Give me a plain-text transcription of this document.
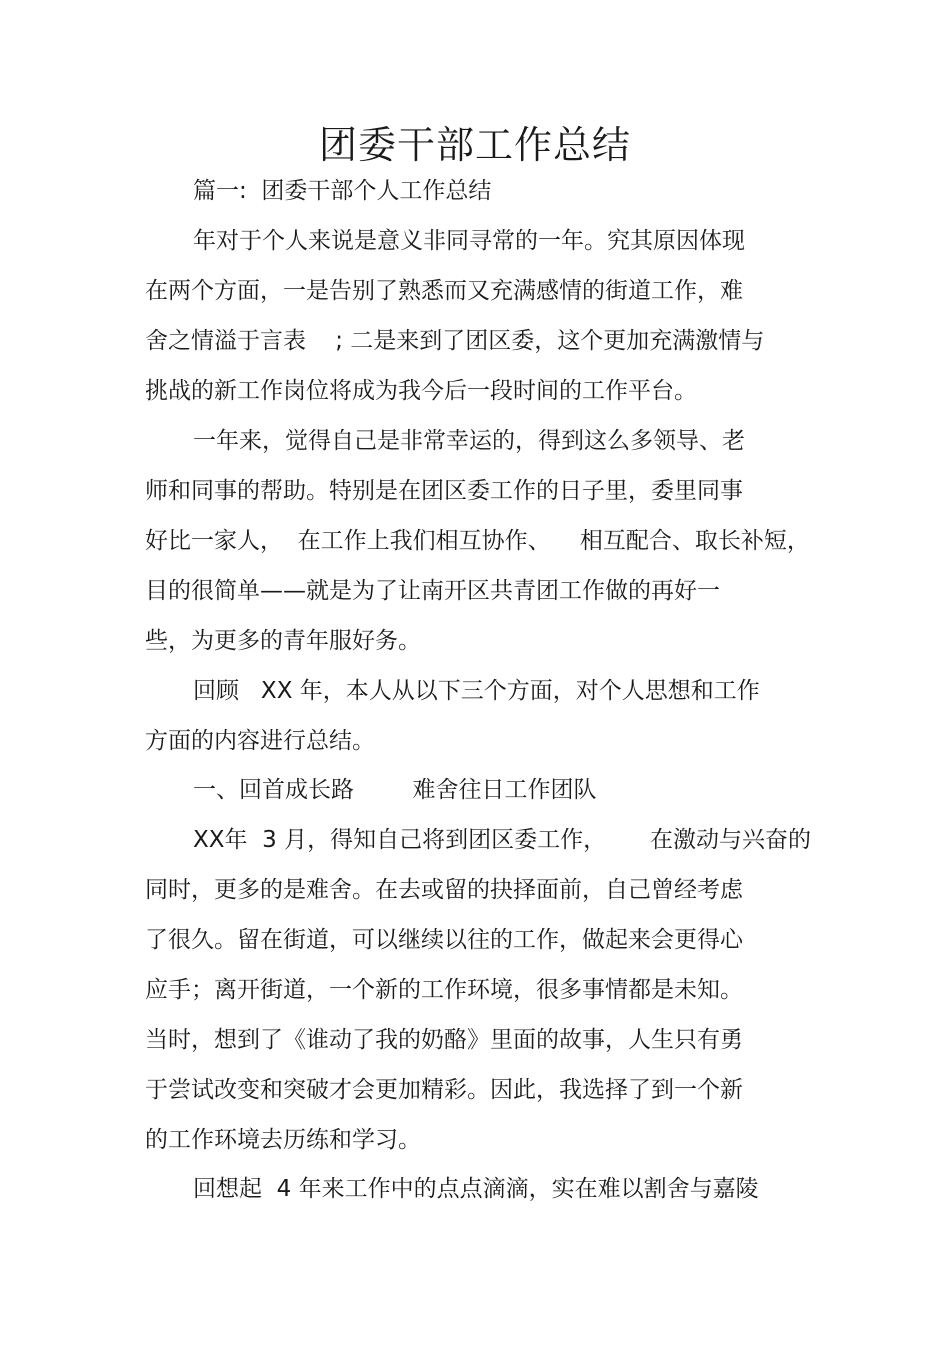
团委干部工作总结

篇一:  团委干部个人工作总结

年对于个人来说是意义非同寻常的一年。究其原因体现

在两个方面，一是告别了熟悉而又充满感情的街道工作，难

舍之情溢于言表    ; 二是来到了团区委，这个更加充满激情与

挑战的新工作岗位将成为我今后一段时间的工作平台。

一年来，觉得自己是非常幸运的，得到这么多领导、老

师和同事的帮助。特别是在团区委工作的日子里，委里同事

好比一家人，  在工作上我们相互协作、    相互配合、取长补短，

目的很简单——就是为了让南开区共青团工作做的再好一

些，为更多的青年服好务。

回顾   XX 年，本人从以下三个方面，对个人思想和工作

方面的内容进行总结。

一、回首成长路        难舍往日工作团队

XX年  3 月，得知自己将到团区委工作，      在激动与兴奋的

同时，更多的是难舍。在去或留的抉择面前，自己曾经考虑

了很久。留在街道，可以继续以往的工作，做起来会更得心

应手；离开街道，一个新的工作环境，很多事情都是未知。

当时，想到了《谁动了我的奶酪》里面的故事，人生只有勇

于尝试改变和突破才会更加精彩。因此，我选择了到一个新

的工作环境去历练和学习。

回想起  4 年来工作中的点点滴滴，实在难以割舍与嘉陵
